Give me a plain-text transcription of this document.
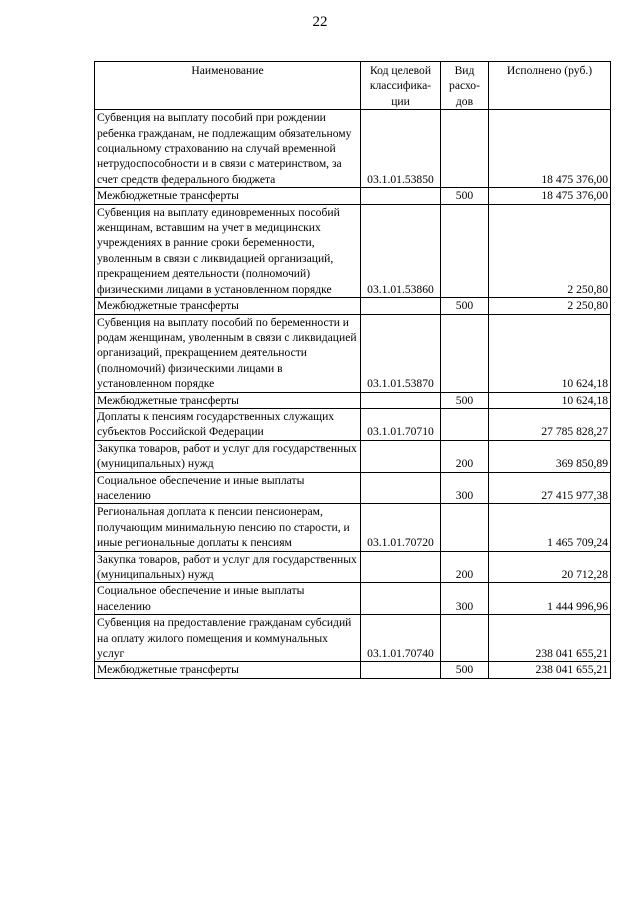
22
Наименование	Код целевой классифика-ции	Вид расхо-дов	Исполнено (руб.)
Субвенция на выплату пособий при рождении ребенка гражданам, не подлежащим обязательному социальному страхованию на случай временной нетрудоспособности и в связи с материнством, за счет средств федерального бюджета	03.1.01.53850		18 475 376,00
Межбюджетные трансферты		500	18 475 376,00
Субвенция на выплату единовременных пособий женщинам, вставшим на учет в медицинских учреждениях в ранние сроки беременности, уволенным в связи с ликвидацией организаций, прекращением деятельности (полномочий) физическими лицами в установленном порядке	03.1.01.53860		2 250,80
Межбюджетные трансферты		500	2 250,80
Субвенция на выплату пособий по беременности и родам женщинам, уволенным в связи с ликвидацией организаций, прекращением деятельности (полномочий) физическими лицами в установленном порядке	03.1.01.53870		10 624,18
Межбюджетные трансферты		500	10 624,18
Доплаты к пенсиям государственных служащих субъектов Российской Федерации	03.1.01.70710		27 785 828,27
Закупка товаров, работ и услуг для государственных (муниципальных) нужд		200	369 850,89
Социальное обеспечение и иные выплаты населению		300	27 415 977,38
Региональная доплата к пенсии пенсионерам, получающим минимальную пенсию по старости, и иные региональные доплаты к пенсиям	03.1.01.70720		1 465 709,24
Закупка товаров, работ и услуг для государственных (муниципальных) нужд		200	20 712,28
Социальное обеспечение и иные выплаты населению		300	1 444 996,96
Субвенция на предоставление гражданам субсидий на оплату жилого помещения и коммунальных услуг	03.1.01.70740		238 041 655,21
Межбюджетные трансферты		500	238 041 655,21
